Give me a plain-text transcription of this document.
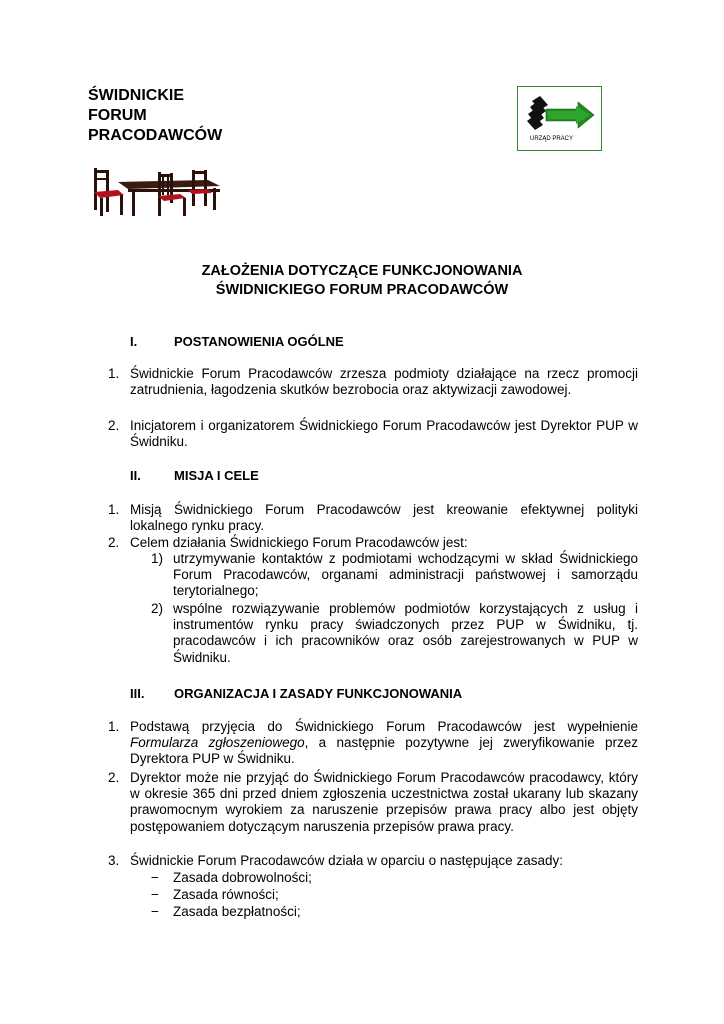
ŚWIDNICKIE
FORUM
PRACODAWCÓW	URZĄD PRACY
ZAŁOŻENIA DOTYCZĄCE FUNKCJONOWANIA
ŚWIDNICKIEGO FORUM PRACODAWCÓW
I.	POSTANOWIENIA OGÓLNE
1. Świdnickie Forum Pracodawców zrzesza podmioty działające na rzecz promocji zatrudnienia, łagodzenia skutków bezrobocia oraz aktywizacji zawodowej.

2. Inicjatorem i organizatorem Świdnickiego Forum Pracodawców jest Dyrektor PUP w Świdniku.

II.	MISJA I CELE
1. Misją Świdnickiego Forum Pracodawców jest kreowanie efektywnej polityki lokalnego rynku pracy.

2. Celem działania Świdnickiego Forum Pracodawców jest:

1) utrzymywanie kontaktów z podmiotami wchodzącymi w skład Świdnickiego Forum Pracodawców, organami administracji państwowej i samorządu terytorialnego;

2) wspólne rozwiązywanie problemów podmiotów korzystających z usług i instrumentów rynku pracy świadczonych przez PUP w Świdniku, tj. pracodawców i ich pracowników oraz osób zarejestrowanych w PUP w Świdniku.

III. ORGANIZACJA I ZASADY FUNKCJONOWANIA
1. Podstawą przyjęcia do Świdnickiego Forum Pracodawców jest wypełnienie Formularza zgłoszeniowego, a następnie pozytywne jej zweryfikowanie przez Dyrektora PUP w Świdniku.

2. Dyrektor może nie przyjąć do Świdnickiego Forum Pracodawców pracodawcy, który w okresie 365 dni przed dniem zgłoszenia uczestnictwa został ukarany lub skazany prawomocnym wyrokiem za naruszenie przepisów prawa pracy albo jest objęty postępowaniem dotyczącym naruszenia przepisów prawa pracy.

3. Świdnickie Forum Pracodawców działa w oparciu o następujące zasady:

− Zasada dobrowolności;

− Zasada równości;

− Zasada bezpłatności;
